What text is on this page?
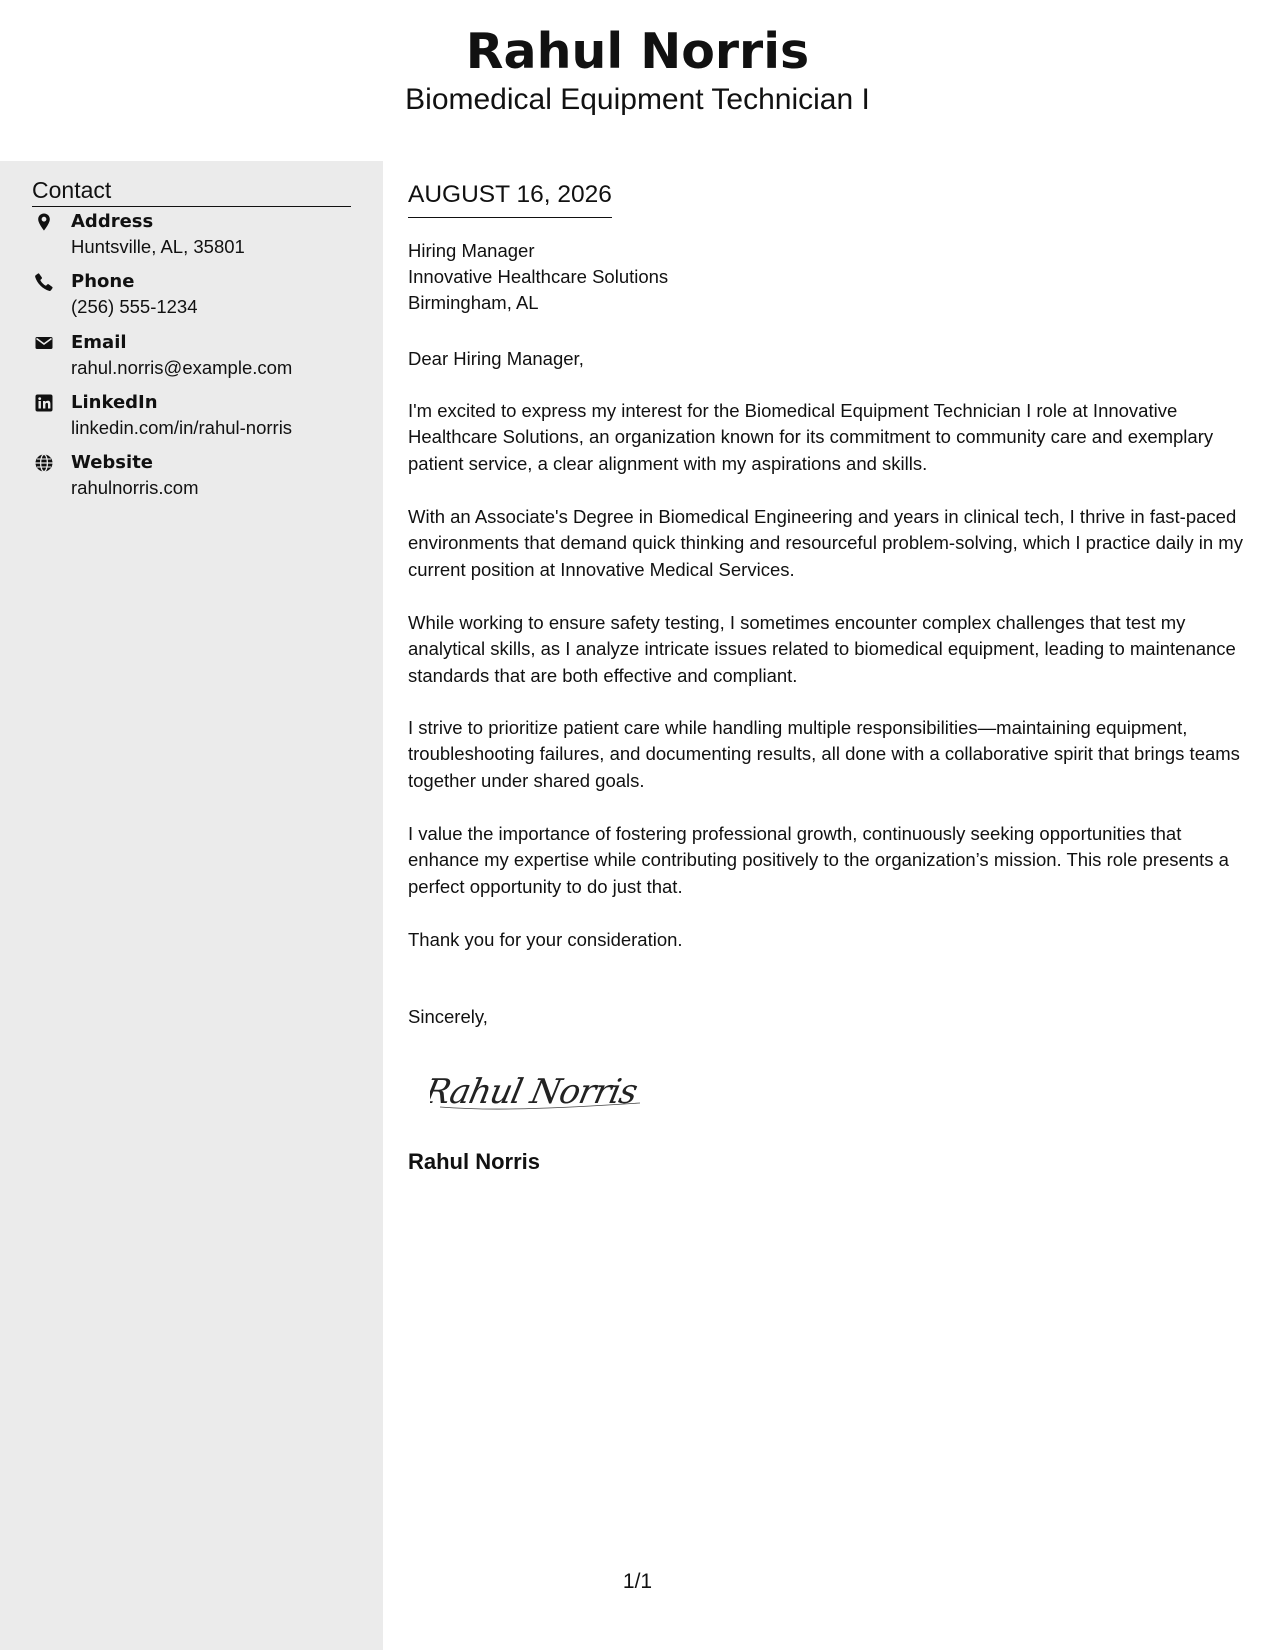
Rahul Norris
Biomedical Equipment Technician I
Contact
Address
Huntsville, AL, 35801
Phone
(256) 555-1234
Email
rahul.norris@example.com
LinkedIn
linkedin.com/in/rahul-norris
Website
rahulnorris.com
AUGUST 16, 2026
Hiring Manager
Innovative Healthcare Solutions
Birmingham, AL
Dear Hiring Manager,
I'm excited to express my interest for the Biomedical Equipment Technician I role at Innovative Healthcare Solutions, an organization known for its commitment to community care and exemplary patient service, a clear alignment with my aspirations and skills.
With an Associate's Degree in Biomedical Engineering and years in clinical tech, I thrive in fast-paced environments that demand quick thinking and resourceful problem-solving, which I practice daily in my current position at Innovative Medical Services.
While working to ensure safety testing, I sometimes encounter complex challenges that test my analytical skills, as I analyze intricate issues related to biomedical equipment, leading to maintenance standards that are both effective and compliant.
I strive to prioritize patient care while handling multiple responsibilities—maintaining equipment, troubleshooting failures, and documenting results, all done with a collaborative spirit that brings teams together under shared goals.
I value the importance of fostering professional growth, continuously seeking opportunities that enhance my expertise while contributing positively to the organization’s mission. This role presents a perfect opportunity to do just that.
Thank you for your consideration.
Sincerely,
Rahul Norris
Rahul Norris
1/1
